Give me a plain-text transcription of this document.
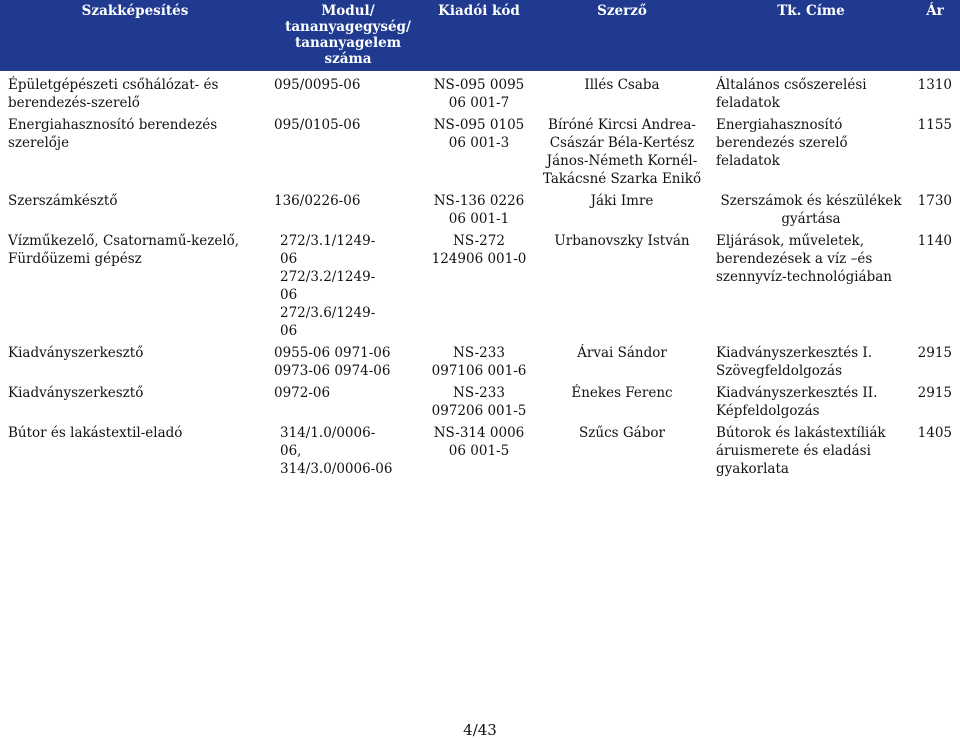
Szakképesítés	Modul/ tananyagegység/ tananyagelem száma	Kiadói kód	Szerző	Tk. Címe	Ár
Épületgépészeti csőhálózat- és berendezés-szerelő	095/0095-06	NS-095 0095 06 001-7	Illés Csaba	Általános csőszerelési feladatok	1310
Energiahasznosító berendezés szerelője	095/0105-06	NS-095 0105 06 001-3	Bíróné Kircsi Andrea-Császár Béla-Kertész János-Németh Kornél-Takácsné Szarka Enikő	Energiahasznosító berendezés szerelő feladatok	1155
Szerszámkésztő	136/0226-06	NS-136 0226 06 001-1	Jáki Imre	Szerszámok és készülékek gyártása	1730
Vízműkezelő, Csatornamű-kezelő, Fürdőüzemi gépész	272/3.1/1249-06 272/3.2/1249-06 272/3.6/1249-06	NS-272 124906 001-0	Urbanovszky István	Eljárások, műveletek, berendezések a víz –és szennyvíz-technológiában	1140
Kiadványszerkesztő	0955-06 0971-06 0973-06 0974-06	NS-233 097106 001-6	Árvai Sándor	Kiadványszerkesztés I. Szövegfeldolgozás	2915
Kiadványszerkesztő	0972-06	NS-233 097206 001-5	Énekes Ferenc	Kiadványszerkesztés II. Képfeldolgozás	2915
Bútor és lakástextil-eladó	314/1.0/0006-06, 314/3.0/0006-06	NS-314 0006 06 001-5	Szűcs Gábor	Bútorok és lakástextíliák áruismerete és eladási gyakorlata	1405
4/43
